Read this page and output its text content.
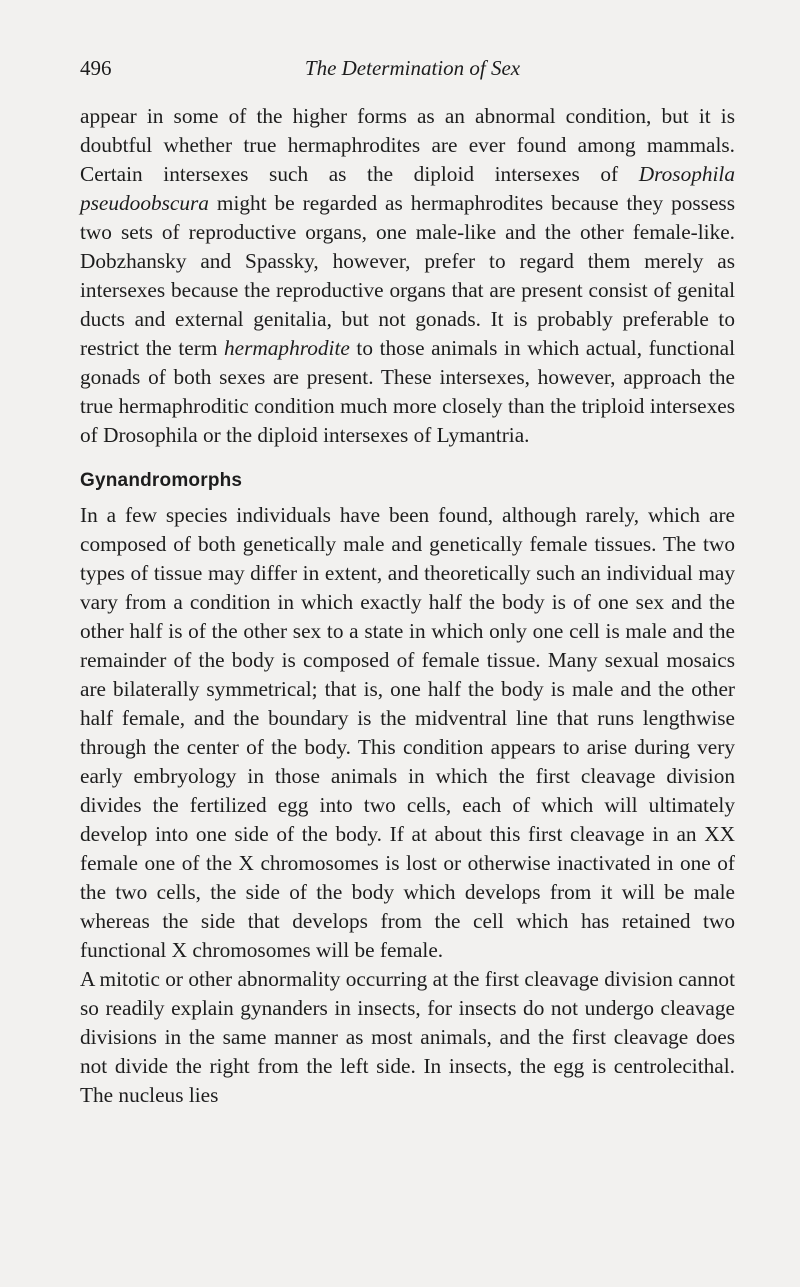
496	The Determination of Sex

appear in some of the higher forms as an abnormal condition, but it is doubtful whether true hermaphrodites are ever found among mammals. Certain intersexes such as the diploid intersexes of Drosophila pseudoobscura might be regarded as hermaphrodites because they possess two sets of reproductive organs, one male-like and the other female-like. Dobzhansky and Spassky, however, prefer to regard them merely as intersexes because the reproductive organs that are present consist of genital ducts and external genitalia, but not gonads. It is probably preferable to restrict the term hermaphrodite to those animals in which actual, functional gonads of both sexes are present. These intersexes, however, approach the true hermaphroditic condition much more closely than the triploid intersexes of Drosophila or the diploid intersexes of Lymantria.

Gynandromorphs

In a few species individuals have been found, although rarely, which are composed of both genetically male and genetically female tissues. The two types of tissue may differ in extent, and theoretically such an individual may vary from a condition in which exactly half the body is of one sex and the other half is of the other sex to a state in which only one cell is male and the remainder of the body is composed of female tissue. Many sexual mosaics are bilaterally symmetrical; that is, one half the body is male and the other half female, and the boundary is the midventral line that runs lengthwise through the center of the body. This condition appears to arise during very early embryology in those animals in which the first cleavage division divides the fertilized egg into two cells, each of which will ultimately develop into one side of the body. If at about this first cleavage in an XX female one of the X chromosomes is lost or otherwise inactivated in one of the two cells, the side of the body which develops from it will be male whereas the side that develops from the cell which has retained two functional X chromosomes will be female.

A mitotic or other abnormality occurring at the first cleavage division cannot so readily explain gynanders in insects, for insects do not undergo cleavage divisions in the same manner as most animals, and the first cleavage does not divide the right from the left side. In insects, the egg is centrolecithal. The nucleus lies
